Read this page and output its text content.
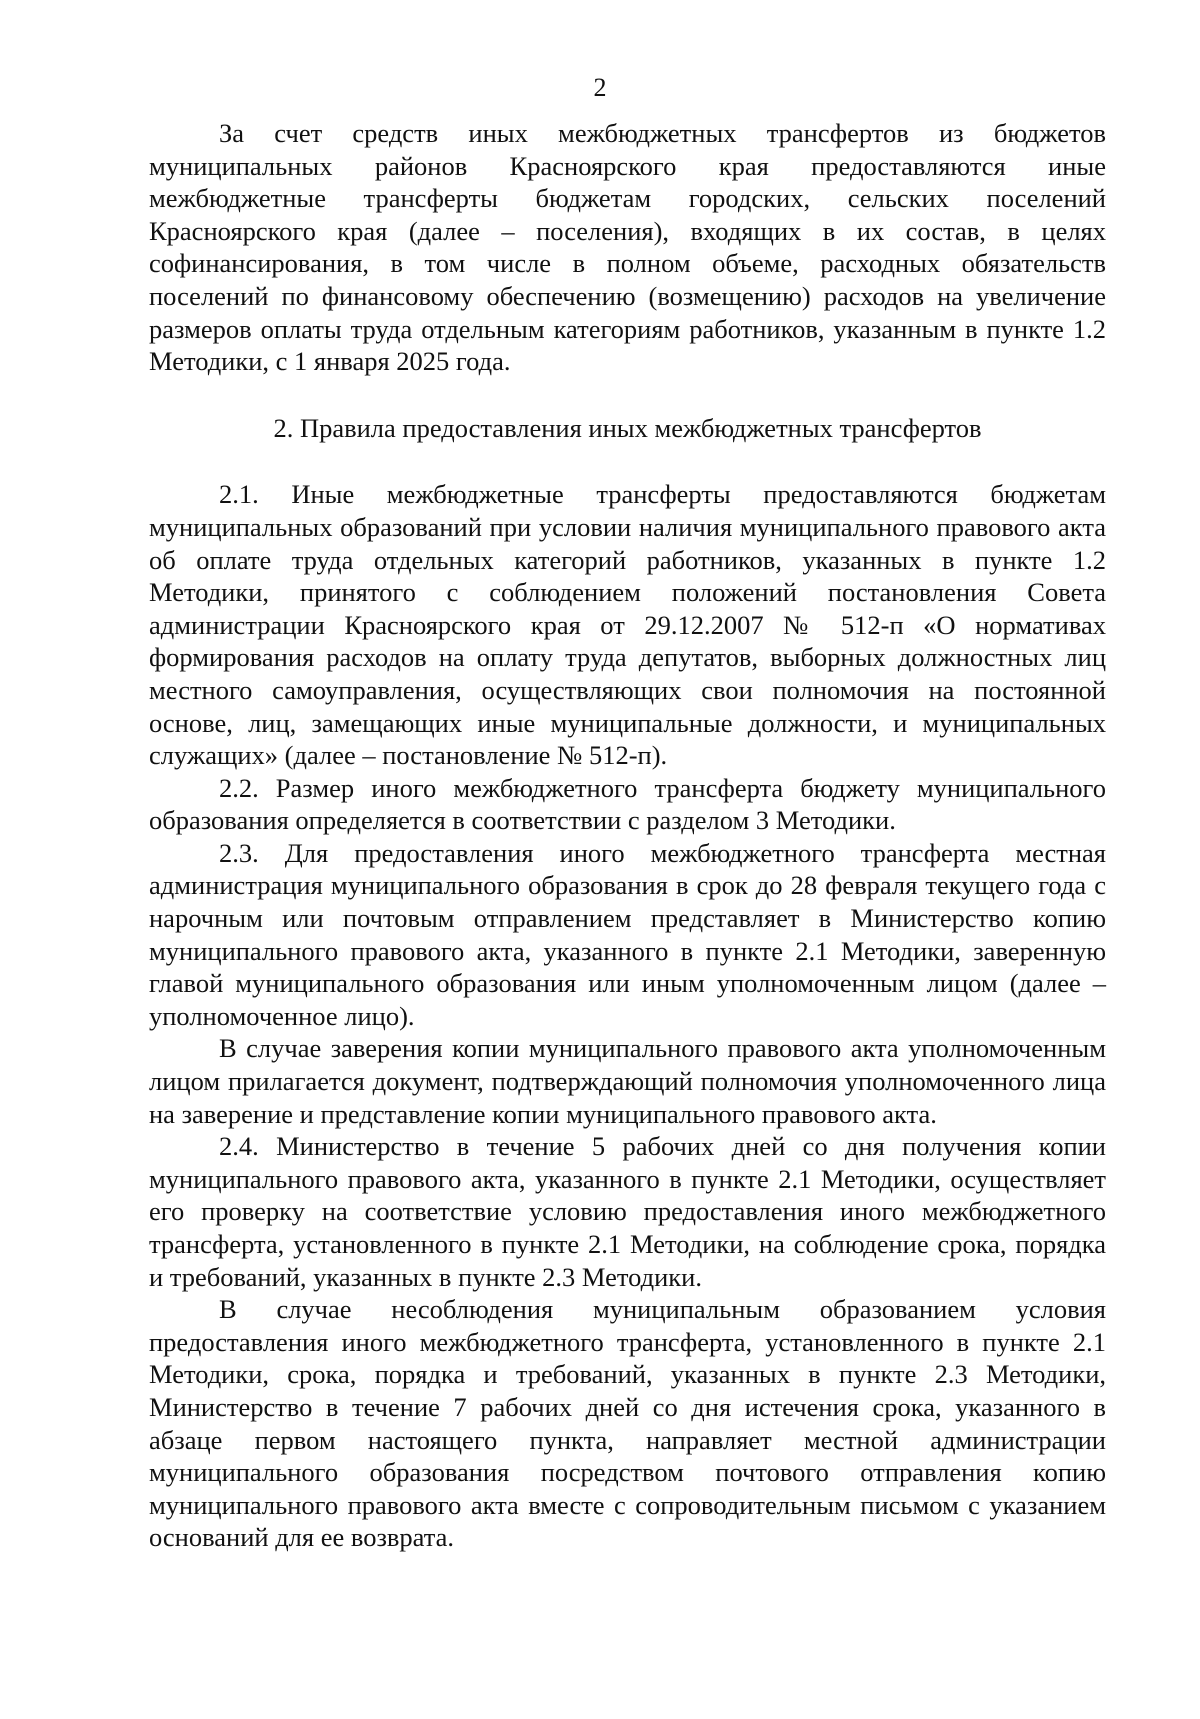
2

За счет средств иных межбюджетных трансфертов из бюджетов муниципальных районов Красноярского края предоставляются иные межбюджетные трансферты бюджетам городских, сельских поселений Красноярского края (далее – поселения), входящих в их состав, в целях софинансирования, в том числе в полном объеме, расходных обязательств поселений по финансовому обеспечению (возмещению) расходов на увеличение размеров оплаты труда отдельным категориям работников, указанным в пункте 1.2 Методики, с 1 января 2025 года.

2. Правила предоставления иных межбюджетных трансфертов

2.1. Иные межбюджетные трансферты предоставляются бюджетам муниципальных образований при условии наличия муниципального правового акта об оплате труда отдельных категорий работников, указанных в пункте 1.2 Методики, принятого с соблюдением положений постановления Совета администрации Красноярского края от 29.12.2007 № 512-п «О нормативах формирования расходов на оплату труда депутатов, выборных должностных лиц местного самоуправления, осуществляющих свои полномочия на постоянной основе, лиц, замещающих иные муниципальные должности, и муниципальных служащих» (далее – постановление № 512-п).

2.2. Размер иного межбюджетного трансферта бюджету муниципального образования определяется в соответствии с разделом 3 Методики.

2.3. Для предоставления иного межбюджетного трансферта местная администрация муниципального образования в срок до 28 февраля текущего года с нарочным или почтовым отправлением представляет в Министерство копию муниципального правового акта, указанного в пункте 2.1 Методики, заверенную главой муниципального образования или иным уполномоченным лицом (далее – уполномоченное лицо).

В случае заверения копии муниципального правового акта уполномоченным лицом прилагается документ, подтверждающий полномочия уполномоченного лица на заверение и представление копии муниципального правового акта.

2.4. Министерство в течение 5 рабочих дней со дня получения копии муниципального правового акта, указанного в пункте 2.1 Методики, осуществляет его проверку на соответствие условию предоставления иного межбюджетного трансферта, установленного в пункте 2.1 Методики, на соблюдение срока, порядка и требований, указанных в пункте 2.3 Методики.

В случае несоблюдения муниципальным образованием условия предоставления иного межбюджетного трансферта, установленного в пункте 2.1 Методики, срока, порядка и требований, указанных в пункте 2.3 Методики, Министерство в течение 7 рабочих дней со дня истечения срока, указанного в абзаце первом настоящего пункта, направляет местной администрации муниципального образования посредством почтового отправления копию муниципального правового акта вместе с сопроводительным письмом с указанием оснований для ее возврата.
